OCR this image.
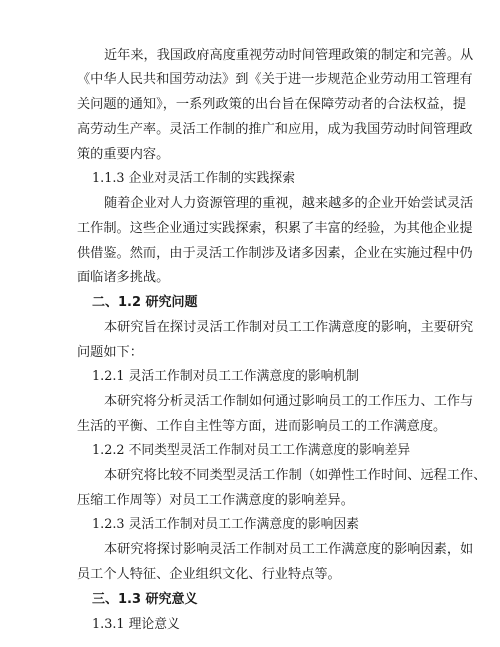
近年来，我国政府高度重视劳动时间管理政策的制定和完善。从
《中华人民共和国劳动法》到《关于进一步规范企业劳动用工管理有
关问题的通知》，一系列政策的出台旨在保障劳动者的合法权益，提
高劳动生产率。灵活工作制的推广和应用，成为我国劳动时间管理政
策的重要内容。
1.1.3 企业对灵活工作制的实践探索
随着企业对人力资源管理的重视，越来越多的企业开始尝试灵活
工作制。这些企业通过实践探索，积累了丰富的经验，为其他企业提
供借鉴。然而，由于灵活工作制涉及诸多因素，企业在实施过程中仍
面临诸多挑战。
二、1.2 研究问题
本研究旨在探讨灵活工作制对员工工作满意度的影响，主要研究
问题如下：
1.2.1 灵活工作制对员工工作满意度的影响机制
本研究将分析灵活工作制如何通过影响员工的工作压力、工作与
生活的平衡、工作自主性等方面，进而影响员工的工作满意度。
1.2.2 不同类型灵活工作制对员工工作满意度的影响差异
本研究将比较不同类型灵活工作制（如弹性工作时间、远程工作、
压缩工作周等）对员工工作满意度的影响差异。
1.2.3 灵活工作制对员工工作满意度的影响因素
本研究将探讨影响灵活工作制对员工工作满意度的影响因素，如
员工个人特征、企业组织文化、行业特点等。
三、1.3 研究意义
1.3.1 理论意义
